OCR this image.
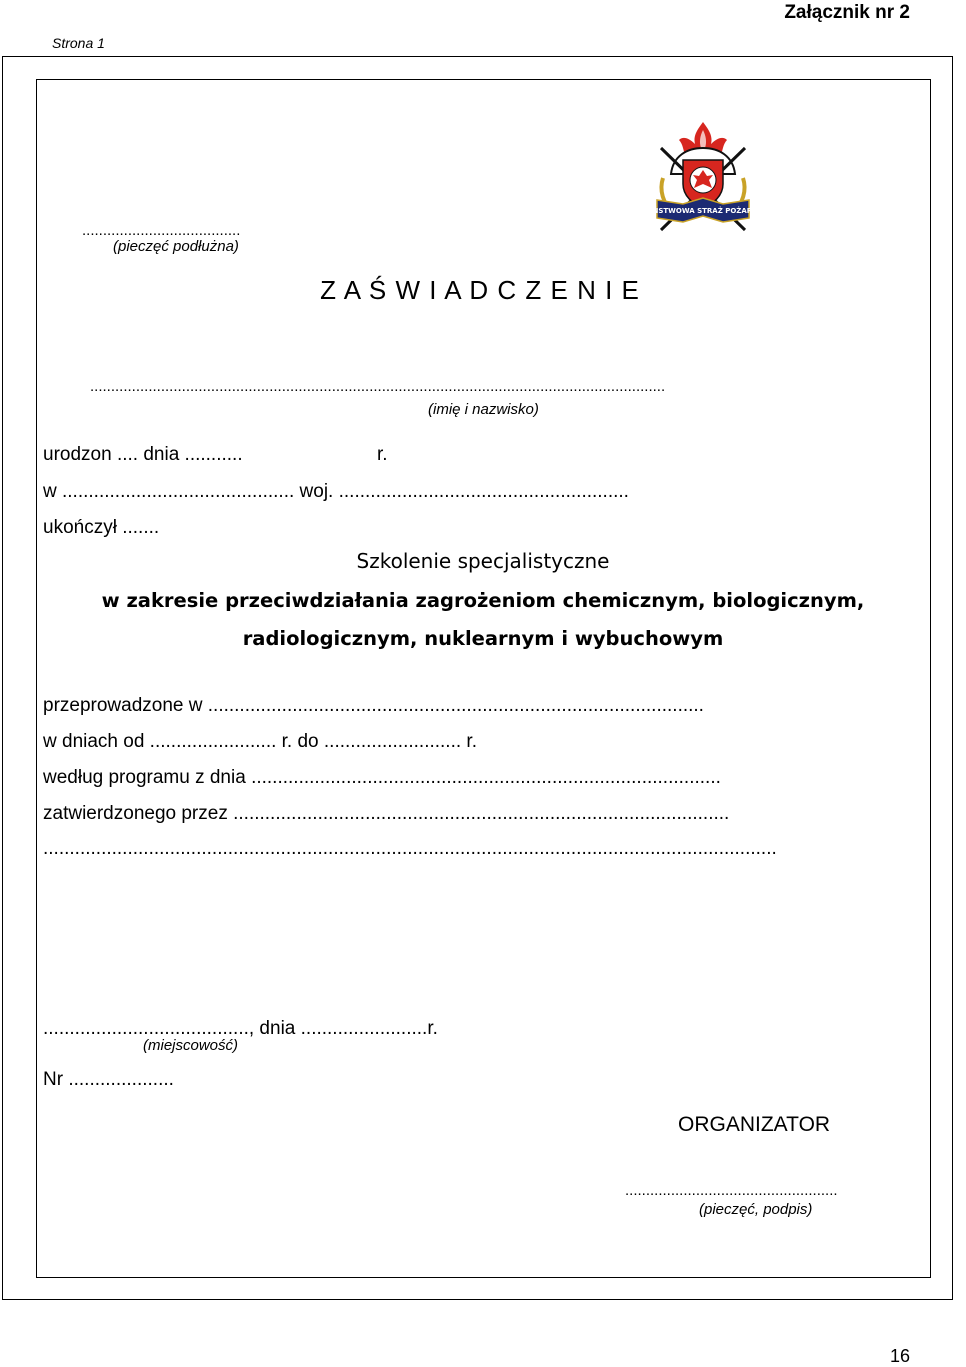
Załącznik nr 2
Strona 1
PAŃSTWOWA STRAŻ POŻARNA
......................................
(pieczęć podłużna)
Z A Ś W I A D C Z E N I E
..........................................................................................................................................
(imię i nazwisko)
urodzon .... dnia ...........	r.
w ............................................ woj. .......................................................
ukończył .......
Szkolenie specjalistyczne
w zakresie przeciwdziałania zagrożeniom chemicznym, biologicznym,
radiologicznym, nuklearnym i wybuchowym
przeprowadzone w ..............................................................................................
w dniach od ........................ r. do .......................... r.
według programu z dnia .........................................................................................
zatwierdzonego przez ..............................................................................................
...........................................................................................................................................
......................................., dnia ........................r.
(miejscowość)
Nr ....................
ORGANIZATOR
...................................................
(pieczęć, podpis)
16
